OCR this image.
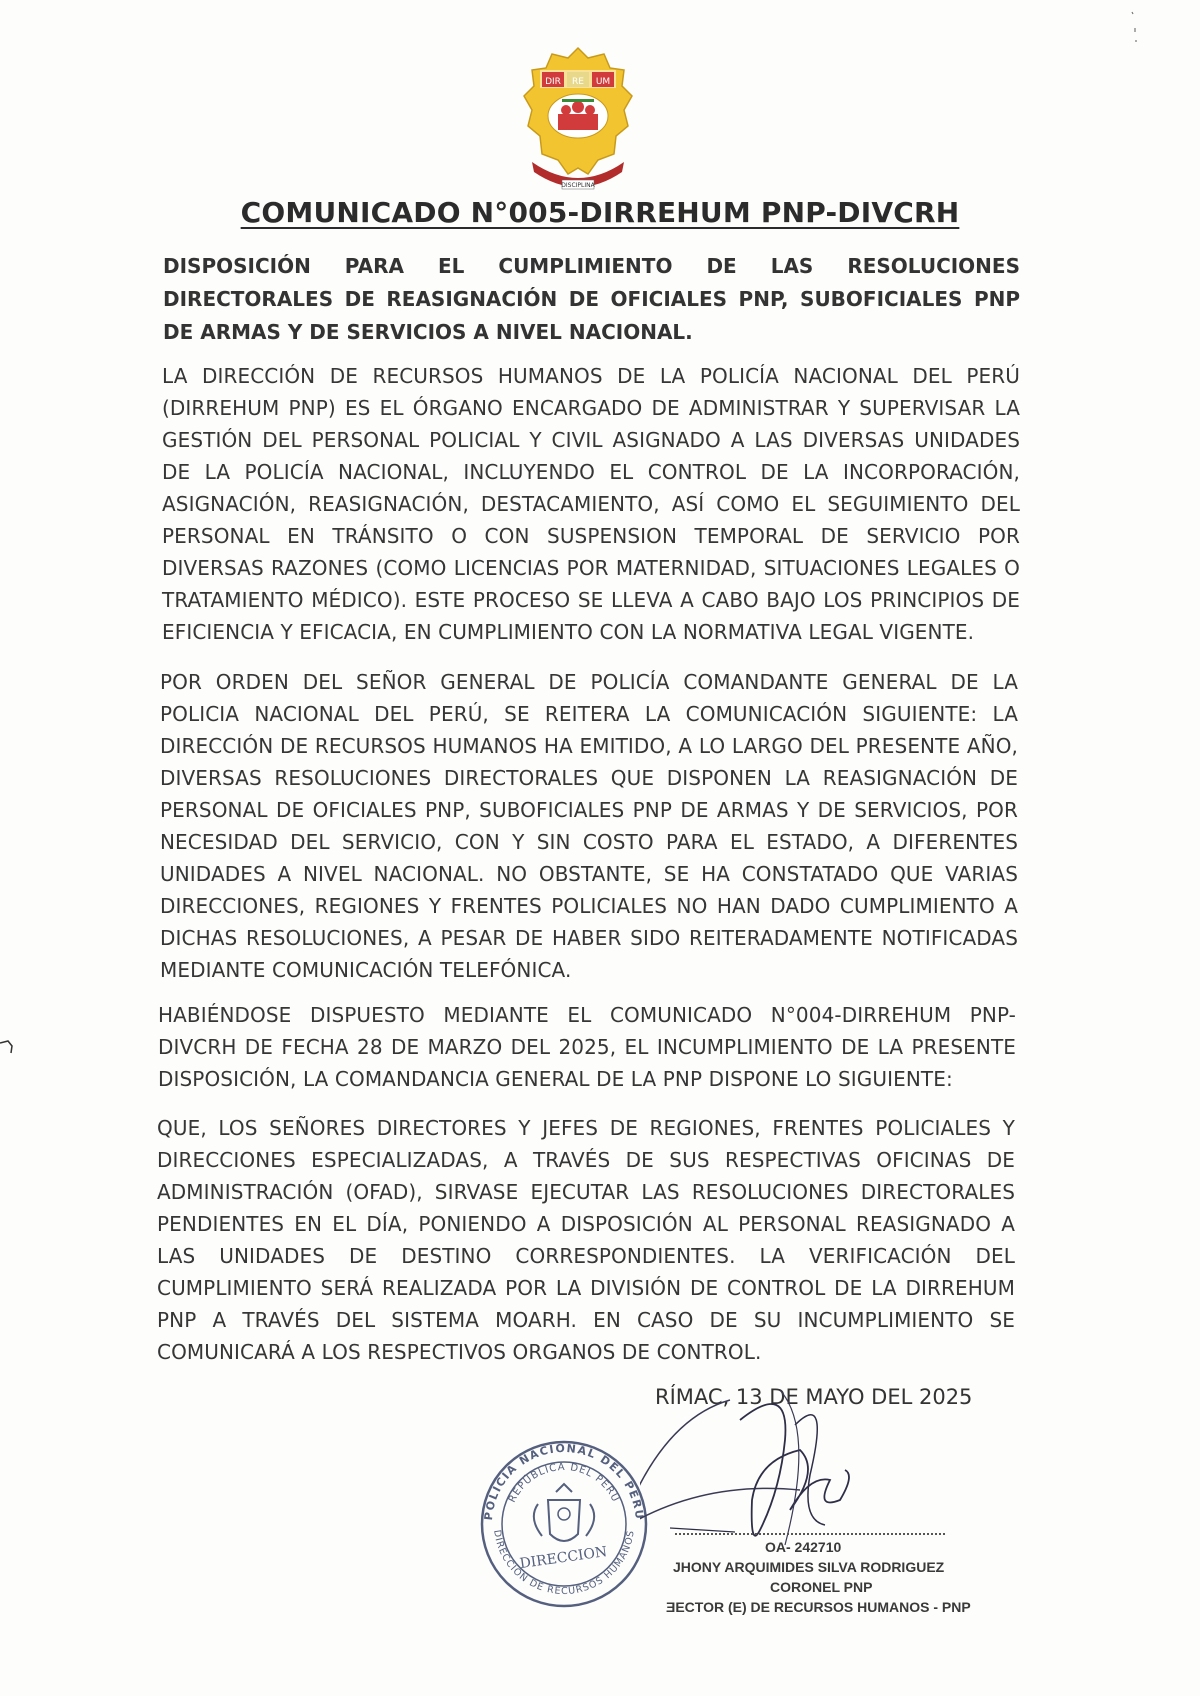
DIR RE UM
DISCIPLINA
COMUNICADO N°005-DIRREHUM PNP-DIVCRH
DISPOSICIÓN PARA EL CUMPLIMIENTO DE LAS RESOLUCIONES DIRECTORALES DE REASIGNACIÓN DE OFICIALES PNP, SUBOFICIALES PNP DE ARMAS Y DE SERVICIOS A NIVEL NACIONAL.
LA DIRECCIÓN DE RECURSOS HUMANOS DE LA POLICÍA NACIONAL DEL PERÚ (DIRREHUM PNP) ES EL ÓRGANO ENCARGADO DE ADMINISTRAR Y SUPERVISAR LA GESTIÓN DEL PERSONAL POLICIAL Y CIVIL ASIGNADO A LAS DIVERSAS UNIDADES DE LA POLICÍA NACIONAL, INCLUYENDO EL CONTROL DE LA INCORPORACIÓN, ASIGNACIÓN, REASIGNACIÓN, DESTACAMIENTO, ASÍ COMO EL SEGUIMIENTO DEL PERSONAL EN TRÁNSITO O CON SUSPENSION TEMPORAL DE SERVICIO POR DIVERSAS RAZONES (COMO LICENCIAS POR MATERNIDAD, SITUACIONES LEGALES O TRATAMIENTO MÉDICO). ESTE PROCESO SE LLEVA A CABO BAJO LOS PRINCIPIOS DE EFICIENCIA Y EFICACIA, EN CUMPLIMIENTO CON LA NORMATIVA LEGAL VIGENTE.
POR ORDEN DEL SEÑOR GENERAL DE POLICÍA COMANDANTE GENERAL DE LA POLICIA NACIONAL DEL PERÚ, SE REITERA LA COMUNICACIÓN SIGUIENTE: LA DIRECCIÓN DE RECURSOS HUMANOS HA EMITIDO, A LO LARGO DEL PRESENTE AÑO, DIVERSAS RESOLUCIONES DIRECTORALES QUE DISPONEN LA REASIGNACIÓN DE PERSONAL DE OFICIALES PNP, SUBOFICIALES PNP DE ARMAS Y DE SERVICIOS, POR NECESIDAD DEL SERVICIO, CON Y SIN COSTO PARA EL ESTADO, A DIFERENTES UNIDADES A NIVEL NACIONAL. NO OBSTANTE, SE HA CONSTATADO QUE VARIAS DIRECCIONES, REGIONES Y FRENTES POLICIALES NO HAN DADO CUMPLIMIENTO A DICHAS RESOLUCIONES, A PESAR DE HABER SIDO REITERADAMENTE NOTIFICADAS MEDIANTE COMUNICACIÓN TELEFÓNICA.
HABIÉNDOSE DISPUESTO MEDIANTE EL COMUNICADO N°004-DIRREHUM PNP-DIVCRH DE FECHA 28 DE MARZO DEL 2025, EL INCUMPLIMIENTO DE LA PRESENTE DISPOSICIÓN, LA COMANDANCIA GENERAL DE LA PNP DISPONE LO SIGUIENTE:
QUE, LOS SEÑORES DIRECTORES Y JEFES DE REGIONES, FRENTES POLICIALES Y DIRECCIONES ESPECIALIZADAS, A TRAVÉS DE SUS RESPECTIVAS OFICINAS DE ADMINISTRACIÓN (OFAD), SIRVASE EJECUTAR LAS RESOLUCIONES DIRECTORALES PENDIENTES EN EL DÍA, PONIENDO A DISPOSICIÓN AL PERSONAL REASIGNADO A LAS UNIDADES DE DESTINO CORRESPONDIENTES. LA VERIFICACIÓN DEL CUMPLIMIENTO SERÁ REALIZADA POR LA DIVISIÓN DE CONTROL DE LA DIRREHUM PNP A TRAVÉS DEL SISTEMA MOARH. EN CASO DE SU INCUMPLIMIENTO SE COMUNICARÁ A LOS RESPECTIVOS ORGANOS DE CONTROL.
RÍMAC, 13 DE MAYO DEL 2025
POLICIA NACIONAL DEL PERU
REPÚBLICA DEL PERU
DIRECCION DE RECURSOS HUMANOS
DIRECCION	OA- 242710
JHONY ARQUIMIDES SILVA RODRIGUEZ
CORONEL PNP
ƎECTOR (E) DE RECURSOS HUMANOS - PNP
